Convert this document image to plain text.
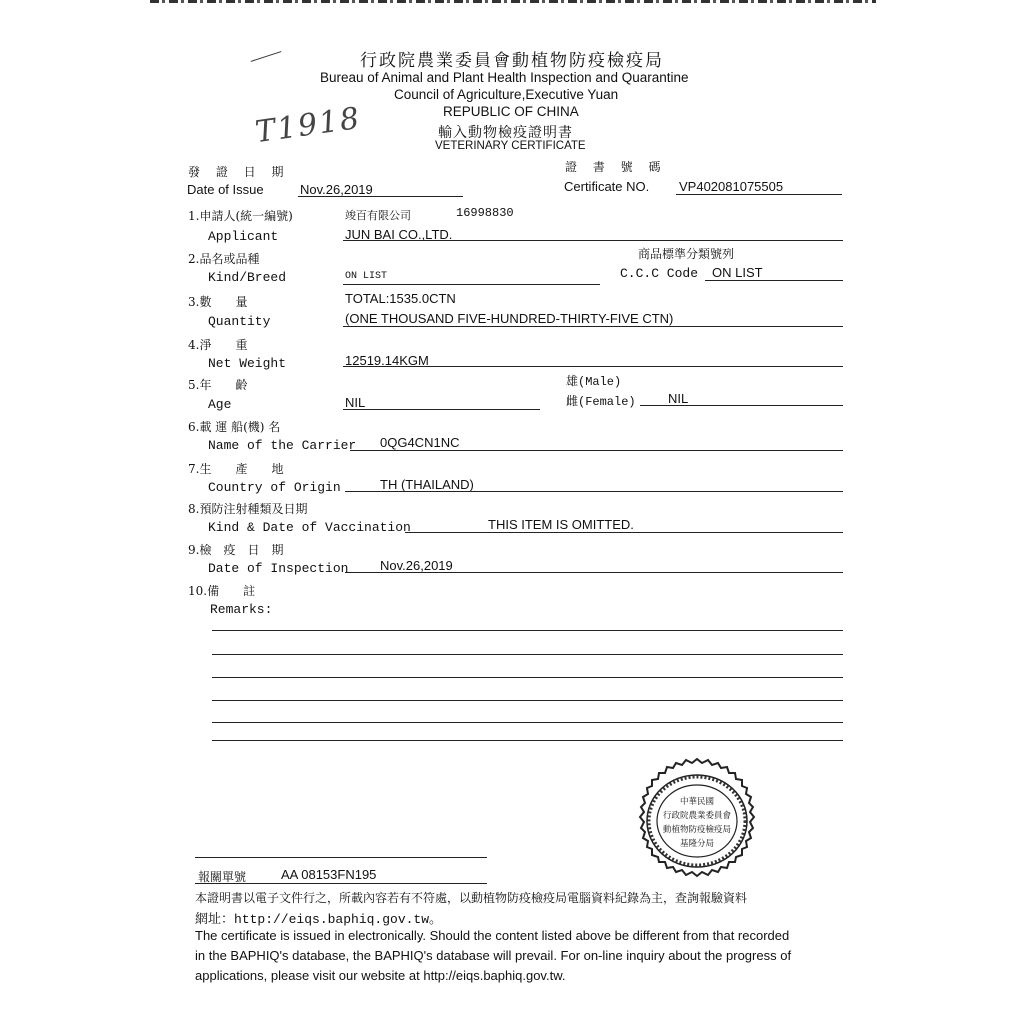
行政院農業委員會動植物防疫檢疫局
Bureau of Animal and Plant Health Inspection and Quarantine
Council of Agriculture,Executive Yuan
REPUBLIC OF CHINA
T1918	輸入動物檢疫證明書
VETERINARY CERTIFICATE
發 證 日 期
Date of Issue	Nov.26,2019
證 書 號 碼
Certificate NO. VP402081075505
1.申請人(統一編號)
Applicant
竣百有限公司	16998830
JUN BAI CO.,LTD.
2.品名或品種
Kind/Breed	ON LIST
商品標準分類號列
C.C.C Code ON LIST
3.數　　量
Quantity
TOTAL:1535.0CTN
(ONE THOUSAND FIVE-HUNDRED-THIRTY-FIVE CTN)
4.淨　　重
Net Weight	12519.14KGM
5.年　　齡
Age	NIL
雄(Male)
雌(Female) NIL
6.載 運 船(機) 名
Name of the Carrier 0QG4CN1NC
7.生　　產　　地
Country of Origin	TH (THAILAND)
8.預防注射種類及日期
Kind & Date of Vaccination	THIS ITEM IS OMITTED.
9.檢　疫　日　期
Date of Inspection Nov.26,2019
10.備　　註
Remarks:
中華民國
行政院農業委員會
動植物防疫檢疫局
基隆分局
報關單號	AA 08153FN195
本證明書以電子文件行之，所載內容若有不符處，以動植物防疫檢疫局電腦資料紀錄為主，查詢報驗資料
網址：http://eiqs.baphiq.gov.tw。
The certificate is issued in electronically. Should the content listed above be different from that recorded
in the BAPHIQ's database, the BAPHIQ's database will prevail. For on-line inquiry about the progress of
applications, please visit our website at http://eiqs.baphiq.gov.tw.
